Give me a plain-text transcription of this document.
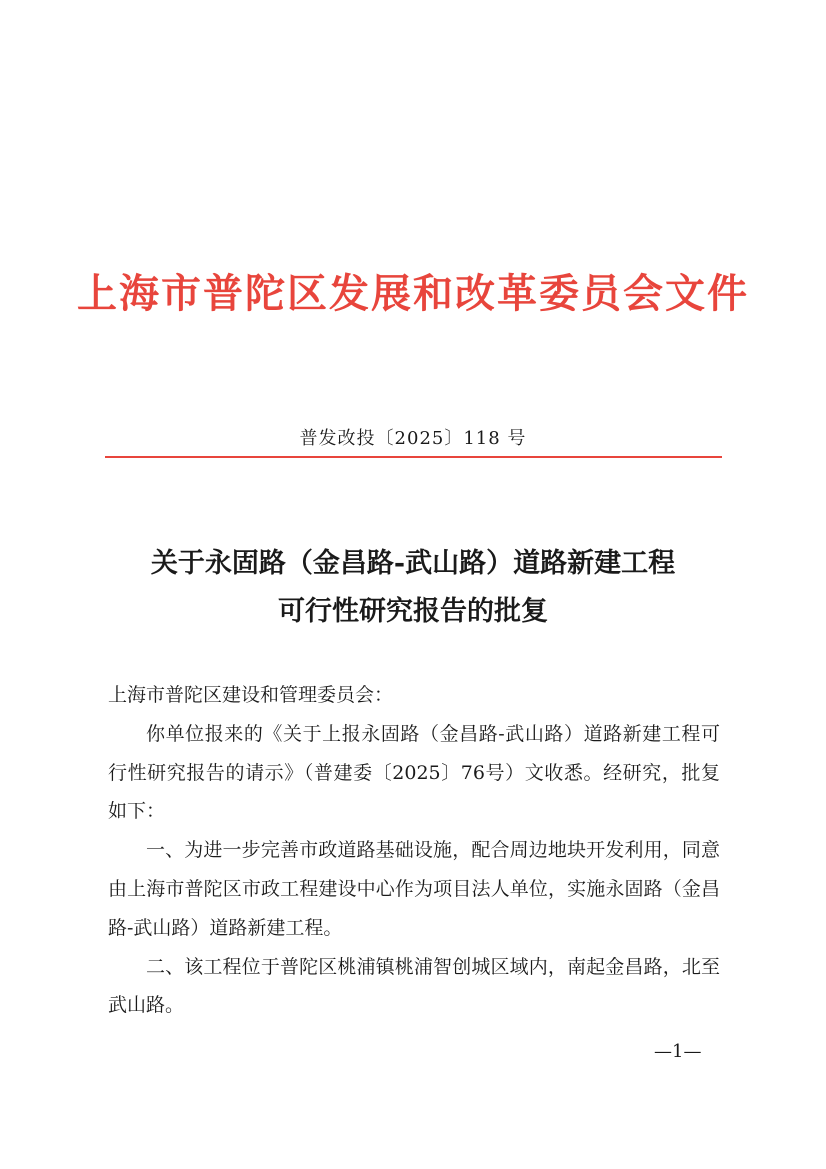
上海市普陀区发展和改革委员会文件
普发改投〔2025〕118 号
关于永固路（金昌路-武山路）道路新建工程
可行性研究报告的批复

上海市普陀区建设和管理委员会：

你单位报来的《关于上报永固路（金昌路-武山路）道路新建工程可行性研究报告的请示》（普建委〔2025〕76号）文收悉。经研究，批复如下：

一、为进一步完善市政道路基础设施，配合周边地块开发利用，同意由上海市普陀区市政工程建设中心作为项目法人单位，实施永固路（金昌路-武山路）道路新建工程。

二、该工程位于普陀区桃浦镇桃浦智创城区域内，南起金昌路，北至武山路。

—1—
